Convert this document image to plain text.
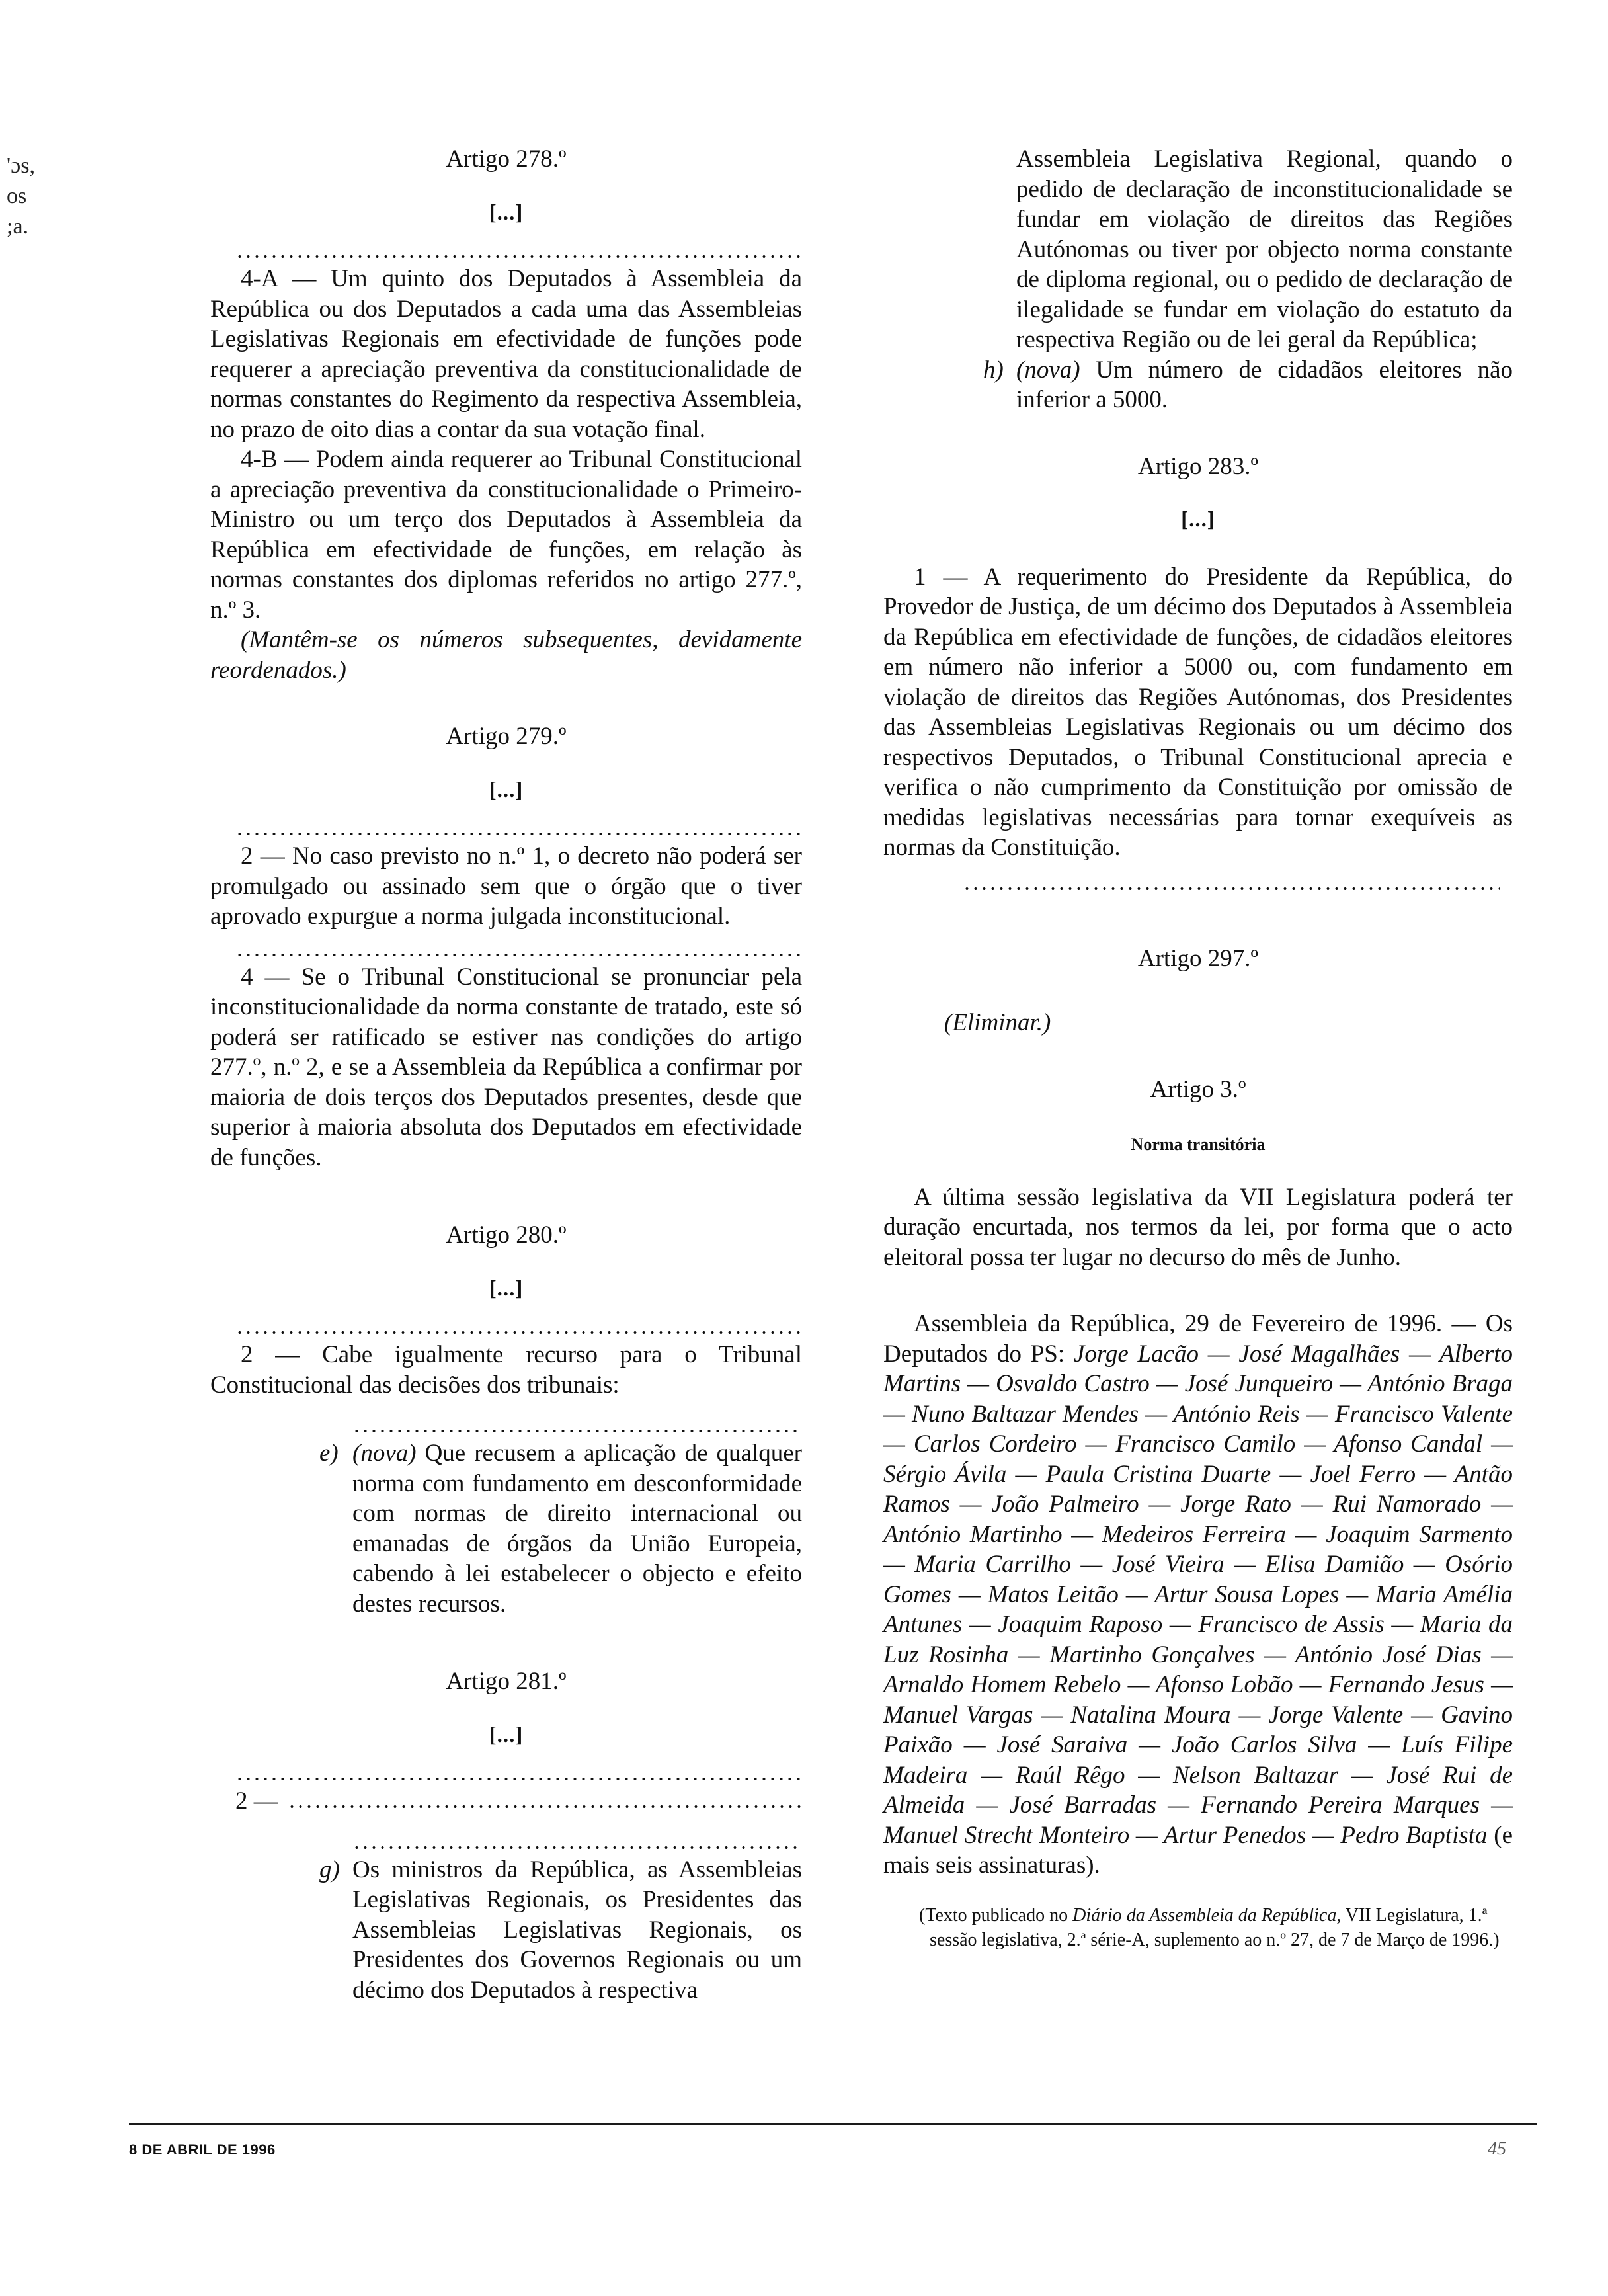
'ɔs,
os
;a.
Artigo 278.º
[...]

4-A — Um quinto dos Deputados à Assembleia da República ou dos Deputados a cada uma das Assembleias Legislativas Regionais em efectividade de funções pode requerer a apreciação preventiva da constitucionalidade de normas constantes do Regimento da respectiva Assembleia, no prazo de oito dias a contar da sua votação final.

4-B — Podem ainda requerer ao Tribunal Constitucional a apreciação preventiva da constitucionalidade o Primeiro-Ministro ou um terço dos Deputados à Assembleia da República em efectividade de funções, em relação às normas constantes dos diplomas referidos no artigo 277.º, n.º 3.

(Mantêm-se os números subsequentes, devidamente reordenados.)

Artigo 279.º
[...]

2 — No caso previsto no n.º 1, o decreto não poderá ser promulgado ou assinado sem que o órgão que o tiver aprovado expurgue a norma julgada inconstitucional.

4 — Se o Tribunal Constitucional se pronunciar pela inconstitucionalidade da norma constante de tratado, este só poderá ser ratificado se estiver nas condições do artigo 277.º, n.º 2, e se a Assembleia da República a confirmar por maioria de dois terços dos Deputados presentes, desde que superior à maioria absoluta dos Deputados em efectividade de funções.

Artigo 280.º
[...]

2 — Cabe igualmente recurso para o Tribunal Constitucional das decisões dos tribunais:

e) (nova) Que recusem a aplicação de qualquer norma com fundamento em desconformidade com normas de direito internacional ou emanadas de órgãos da União Europeia, cabendo à lei estabelecer o objecto e efeito destes recursos.
Artigo 281.º
[...]
2 —
g) Os ministros da República, as Assembleias Legislativas Regionais, os Presidentes das Assembleias Legislativas Regionais, os Presidentes dos Governos Regionais ou um décimo dos Deputados à respectiva

Assembleia Legislativa Regional, quando o pedido de declaração de inconstitucionalidade se fundar em violação de direitos das Regiões Autónomas ou tiver por objecto norma constante de diploma regional, ou o pedido de declaração de ilegalidade se fundar em violação do estatuto da respectiva Região ou de lei geral da República;

h) (nova) Um número de cidadãos eleitores não inferior a 5000.
Artigo 283.º
[...]

1 — A requerimento do Presidente da República, do Provedor de Justiça, de um décimo dos Deputados à Assembleia da República em efectividade de funções, de cidadãos eleitores em número não inferior a 5000 ou, com fundamento em violação de direitos das Regiões Autónomas, dos Presidentes das Assembleias Legislativas Regionais ou um décimo dos respectivos Deputados, o Tribunal Constitucional aprecia e verifica o não cumprimento da Constituição por omissão de medidas legislativas necessárias para tornar exequíveis as normas da Constituição.

Artigo 297.º

(Eliminar.)

Artigo 3.º
Norma transitória

A última sessão legislativa da VII Legislatura poderá ter duração encurtada, nos termos da lei, por forma que o acto eleitoral possa ter lugar no decurso do mês de Junho.

Assembleia da República, 29 de Fevereiro de 1996. — Os Deputados do PS: Jorge Lacão — José Magalhães — Alberto Martins — Osvaldo Castro — José Junqueiro — António Braga — Nuno Baltazar Mendes — António Reis — Francisco Valente — Carlos Cordeiro — Francisco Camilo — Afonso Candal — Sérgio Ávila — Paula Cristina Duarte — Joel Ferro — Antão Ramos — João Palmeiro — Jorge Rato — Rui Namorado — António Martinho — Medeiros Ferreira — Joaquim Sarmento — Maria Carrilho — José Vieira — Elisa Damião — Osório Gomes — Matos Leitão — Artur Sousa Lopes — Maria Amélia Antunes — Joaquim Raposo — Francisco de Assis — Maria da Luz Rosinha — Martinho Gonçalves — António José Dias — Arnaldo Homem Rebelo — Afonso Lobão — Fernando Jesus — Manuel Vargas — Natalina Moura — Jorge Valente — Gavino Paixão — José Saraiva — João Carlos Silva — Luís Filipe Madeira — Raúl Rêgo — Nelson Baltazar — José Rui de Almeida — José Barradas — Fernando Pereira Marques — Manuel Strecht Monteiro — Artur Penedos — Pedro Baptista (e mais seis assinaturas).

(Texto publicado no Diário da Assembleia da República, VII Legislatura, 1.ª sessão legislativa, 2.ª série-A, suplemento ao n.º 27, de 7 de Março de 1996.)

8 DE ABRIL DE 1996	45
